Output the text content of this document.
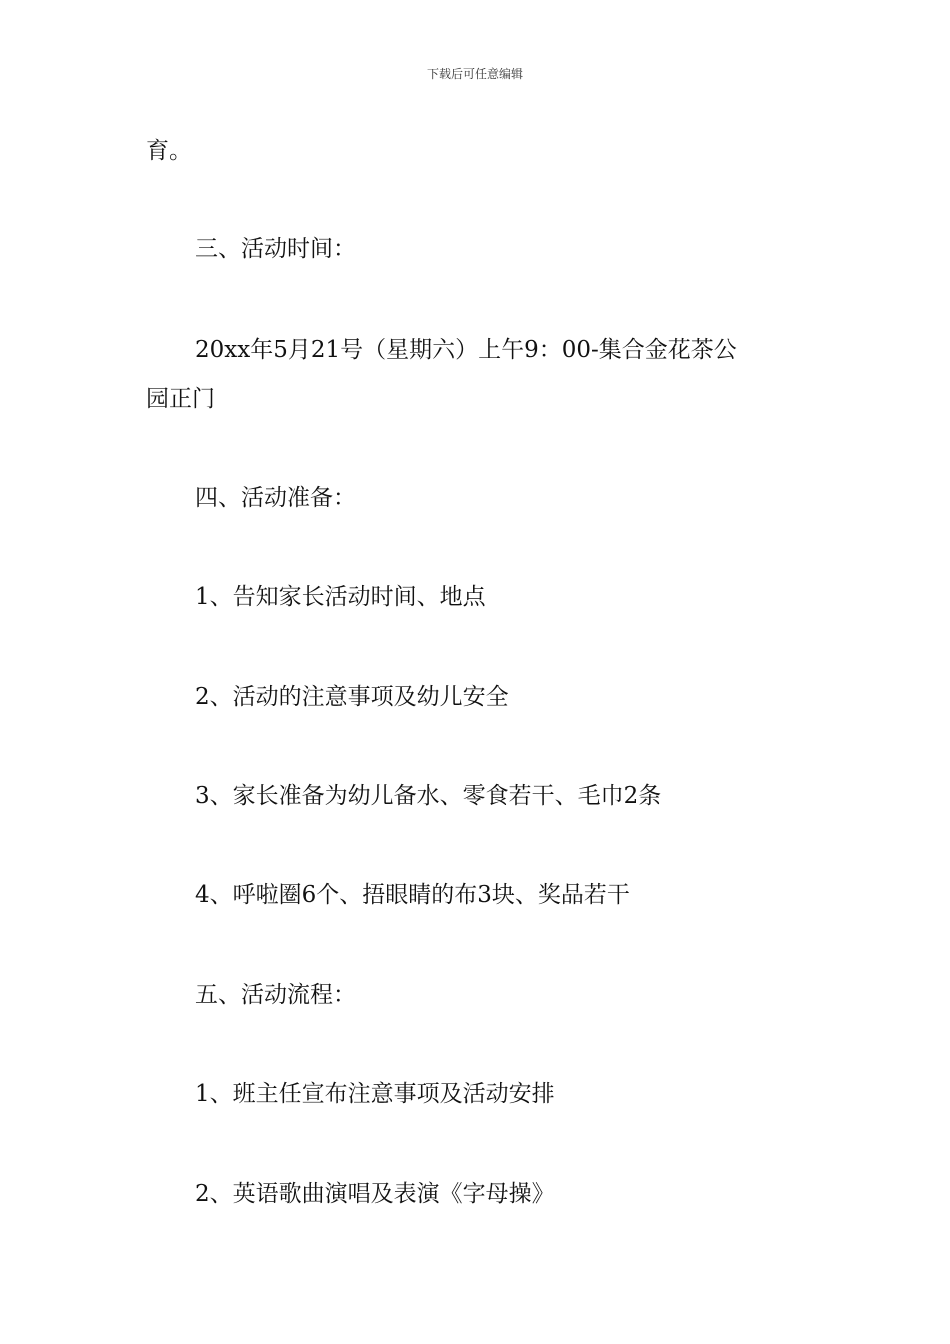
下载后可任意编辑
育。
三、活动时间：
20xx年5月21号（星期六）上午9：00-集合金花茶公
园正门
四、活动准备：
1、告知家长活动时间、地点
2、活动的注意事项及幼儿安全
3、家长准备为幼儿备水、零食若干、毛巾2条
4、呼啦圈6个、捂眼睛的布3块、奖品若干
五、活动流程：
1、班主任宣布注意事项及活动安排
2、英语歌曲演唱及表演《字母操》
